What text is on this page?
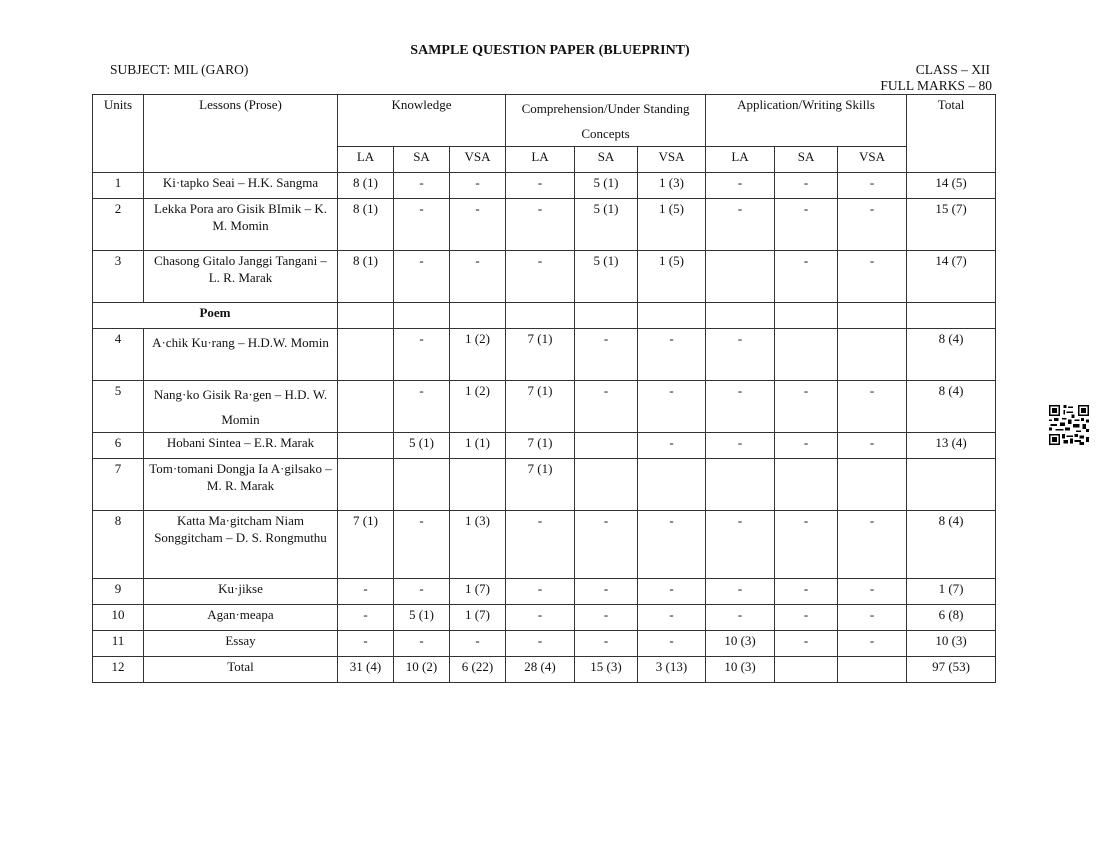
SAMPLE QUESTION PAPER (BLUEPRINT)
SUBJECT: MIL (GARO)	CLASS – XII
FULL MARKS – 80
Units	Lessons (Prose)	Knowledge			Comprehension/Under Standing Concepts			Application/Writing Skills			Total
		LA	SA	VSA	LA	SA	VSA	LA	SA	VSA	
1	Ki·tapko Seai – H.K. Sangma	8 (1)	-	-	-	5 (1)	1 (3)	-	-	-	14 (5)
2	Lekka Pora aro Gisik BImik – K. M. Momin	8 (1)	-	-	-	5 (1)	1 (5)	-	-	-	15 (7)
3	Chasong Gitalo Janggi Tangani – L. R. Marak	8 (1)	-	-	-	5 (1)	1 (5)		-	-	14 (7)
Poem											
4	A·chik Ku·rang – H.D.W. Momin		-	1 (2)	7 (1)	-	-	-			8 (4)
5	Nang·ko Gisik Ra·gen – H.D. W. Momin		-	1 (2)	7 (1)	-	-	-	-	-	8 (4)
6	Hobani Sintea – E.R. Marak		5 (1)	1 (1)	7 (1)		-	-	-	-	13 (4)
7	Tom·tomani Dongja Ia A·gilsako – M. R. Marak				7 (1)						
8	Katta Ma·gitcham Niam Songgitcham – D. S. Rongmuthu	7 (1)	-	1 (3)	-	-	-	-	-	-	8 (4)
9	Ku·jikse	-	-	1 (7)	-	-	-	-	-	-	1 (7)
10	Agan·meapa	-	5 (1)	1 (7)	-	-	-	-	-	-	6 (8)
11	Essay	-	-	-	-	-	-	10 (3)	-	-	10 (3)
12	Total	31 (4)	10 (2)	6 (22)	28 (4)	15 (3)	3 (13)	10 (3)			97 (53)
